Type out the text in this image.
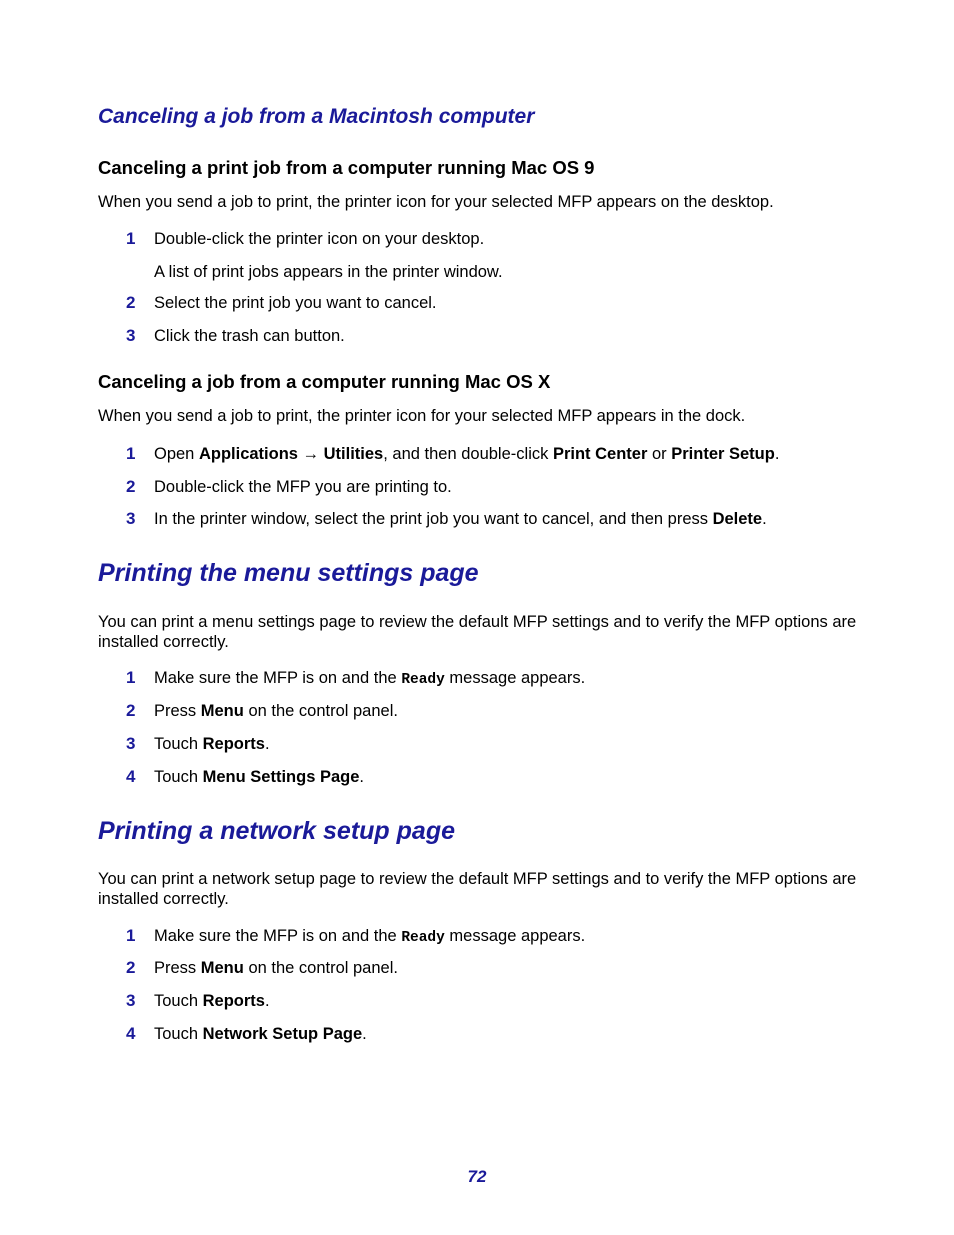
Canceling a job from a Macintosh computer
Canceling a print job from a computer running Mac OS 9
When you send a job to print, the printer icon for your selected MFP appears on the desktop.
1 Double-click the printer icon on your desktop.
A list of print jobs appears in the printer window.
2 Select the print job you want to cancel.
3 Click the trash can button.
Canceling a job from a computer running Mac OS X
When you send a job to print, the printer icon for your selected MFP appears in the dock.
1 Open Applications → Utilities, and then double-click Print Center or Printer Setup.
2 Double-click the MFP you are printing to.
3 In the printer window, select the print job you want to cancel, and then press Delete.
Printing the menu settings page
You can print a menu settings page to review the default MFP settings and to verify the MFP options are installed correctly.
1 Make sure the MFP is on and the Ready message appears.
2 Press Menu on the control panel.
3 Touch Reports.
4 Touch Menu Settings Page.
Printing a network setup page
You can print a network setup page to review the default MFP settings and to verify the MFP options are installed correctly.
1 Make sure the MFP is on and the Ready message appears.
2 Press Menu on the control panel.
3 Touch Reports.
4 Touch Network Setup Page.
72
